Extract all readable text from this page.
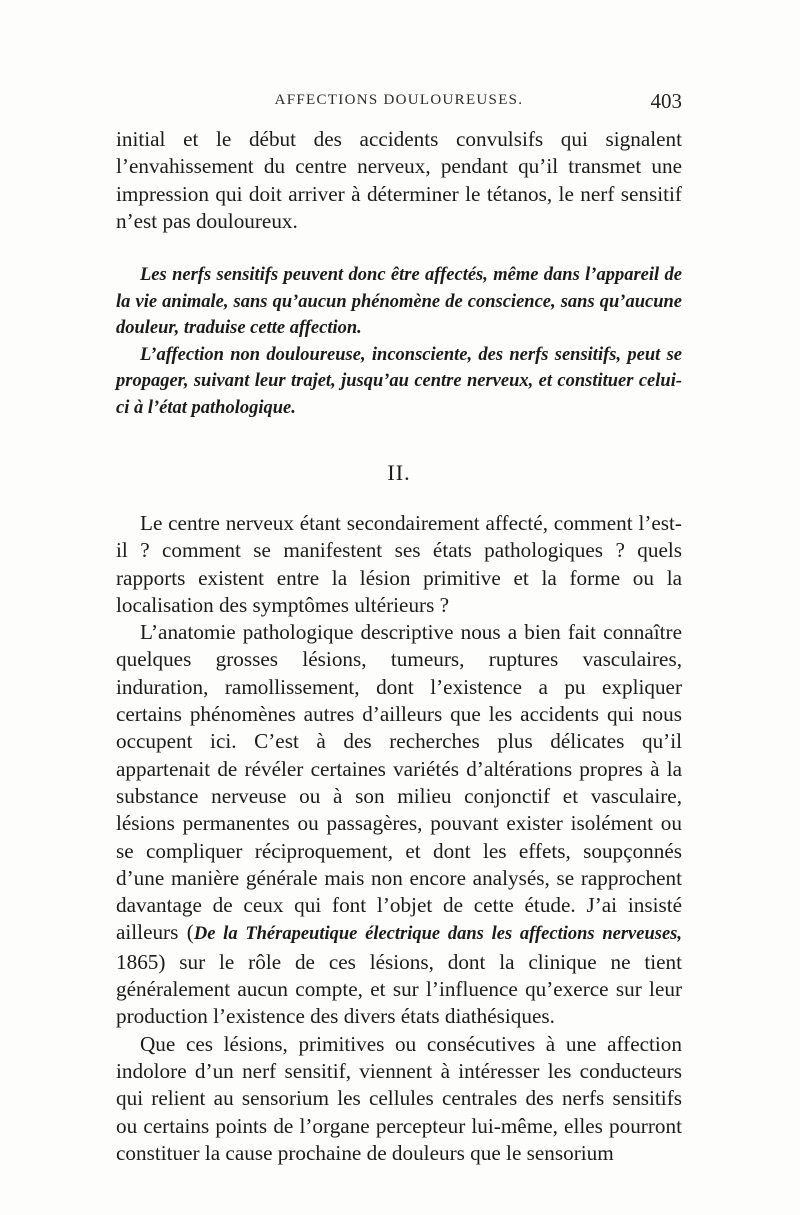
AFFECTIONS DOULOUREUSES.	403

initial et le début des accidents convulsifs qui signalent l’envahissement du centre nerveux, pendant qu’il transmet une impression qui doit arriver à déterminer le tétanos, le nerf sensitif n’est pas douloureux.

Les nerfs sensitifs peuvent donc être affectés, même dans l’appareil de la vie animale, sans qu’aucun phénomène de conscience, sans qu’aucune douleur, traduise cette affection.

L’affection non douloureuse, inconsciente, des nerfs sensitifs, peut se propager, suivant leur trajet, jusqu’au centre nerveux, et constituer celui-ci à l’état pathologique.

II.

Le centre nerveux étant secondairement affecté, comment l’est-il ? comment se manifestent ses états pathologiques ? quels rapports existent entre la lésion primitive et la forme ou la localisation des symptômes ultérieurs ?

L’anatomie pathologique descriptive nous a bien fait connaître quelques grosses lésions, tumeurs, ruptures vasculaires, induration, ramollissement, dont l’existence a pu expliquer certains phénomènes autres d’ailleurs que les accidents qui nous occupent ici. C’est à des recherches plus délicates qu’il appartenait de révéler certaines variétés d’altérations propres à la substance nerveuse ou à son milieu conjonctif et vasculaire, lésions permanentes ou passagères, pouvant exister isolément ou se compliquer réciproquement, et dont les effets, soupçonnés d’une manière générale mais non encore analysés, se rapprochent davantage de ceux qui font l’objet de cette étude. J’ai insisté ailleurs (De la Thérapeutique électrique dans les affections nerveuses, 1865) sur le rôle de ces lésions, dont la clinique ne tient généralement aucun compte, et sur l’influence qu’exerce sur leur production l’existence des divers états diathésiques.

Que ces lésions, primitives ou consécutives à une affection indolore d’un nerf sensitif, viennent à intéresser les conducteurs qui relient au sensorium les cellules centrales des nerfs sensitifs ou certains points de l’organe percepteur lui-même, elles pourront constituer la cause prochaine de douleurs que le sensorium
